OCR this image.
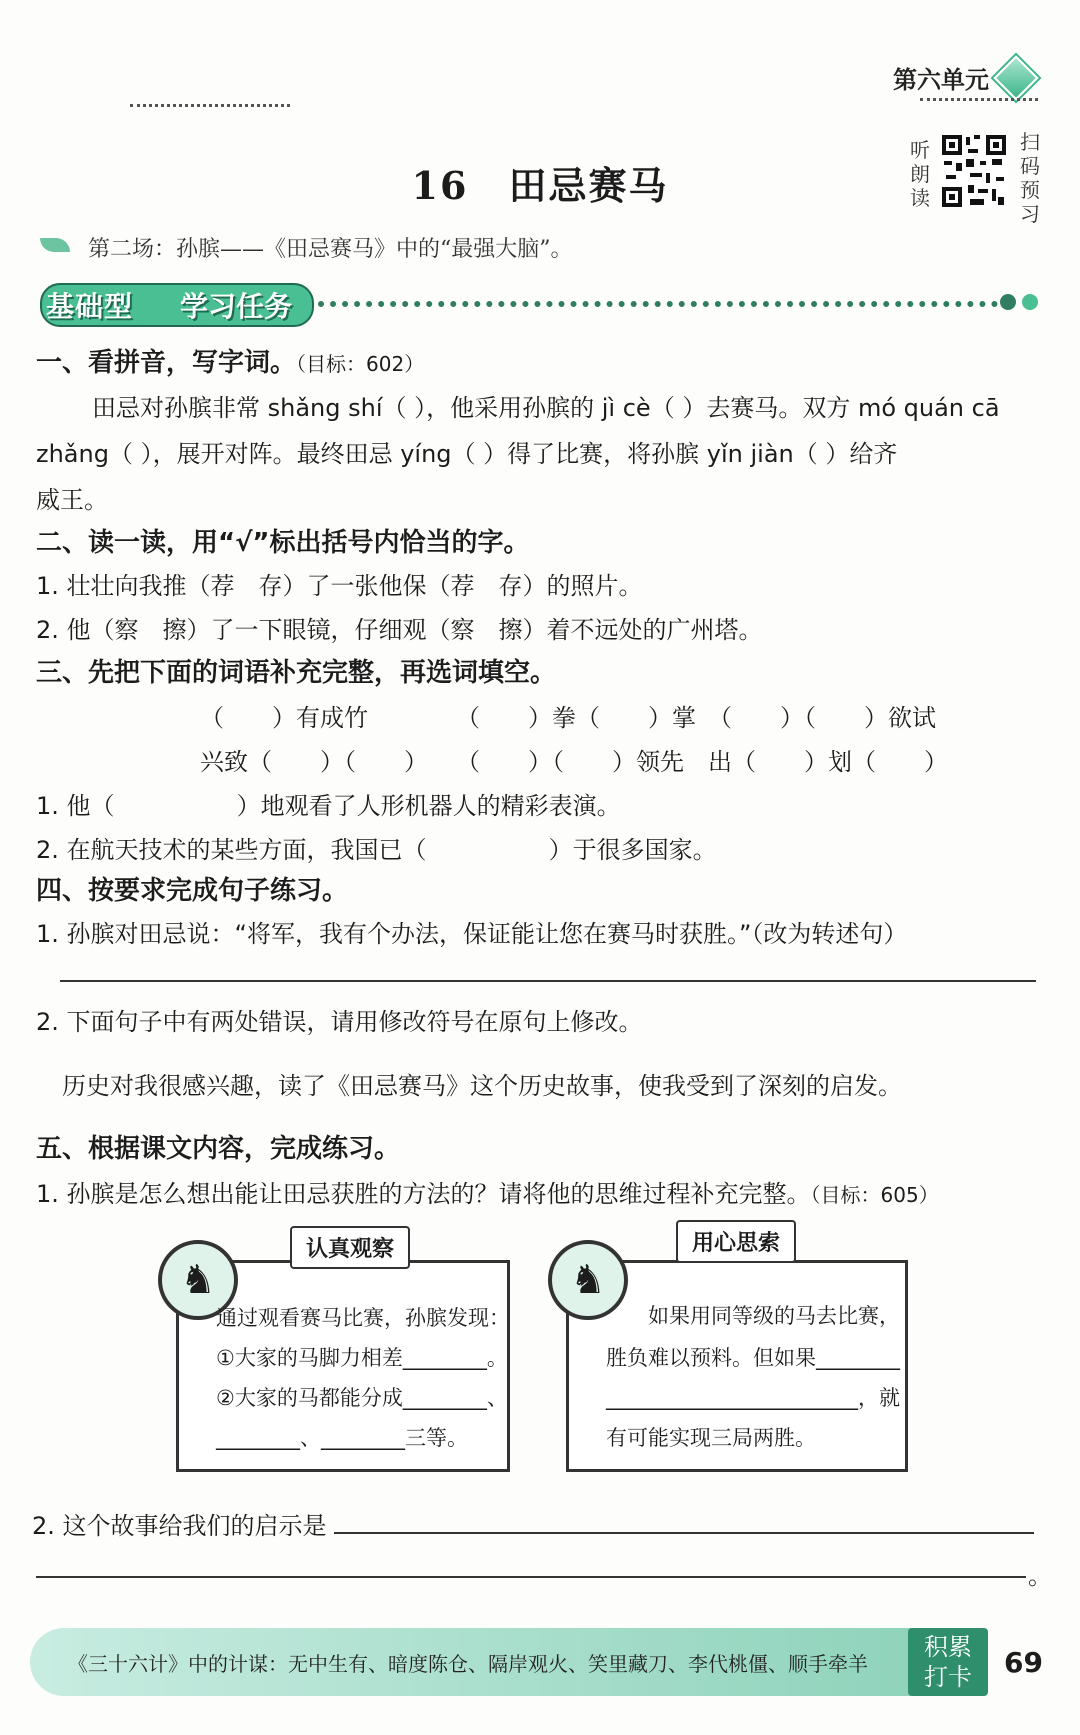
第六单元
听朗读
扫码预习
16　 田忌赛马
第二场：孙膑——《田忌赛马》中的“最强大脑”。
基础型 学习任务
一、看拼音，写字词。（目标：602）
田忌对孙膑非常 shǎng shí（ ），他采用孙膑的 jì cè（ ）去赛马。双方 mó quán cā
zhǎng（ ），展开对阵。最终田忌 yíng（ ）得了比赛，将孙膑 yǐn jiàn（ ）给齐
威王。
二、读一读，用“√”标出括号内恰当的字。
1. 壮壮向我推（荐　存）了一张他保（荐　存）的照片。
2. 他（察　擦）了一下眼镜，仔细观（察　擦）着不远处的广州塔。
三、先把下面的词语补充完整，再选词填空。
（　　）有成竹	（　　）拳（　　）掌 （　　）（　　）欲试
兴致（　　）（　　） （　　）（　　）领先 出（　　）划（　　）
1. 他（                ）地观看了人形机器人的精彩表演。
2. 在航天技术的某些方面，我国已（                ）于很多国家。
四、按要求完成句子练习。
1. 孙膑对田忌说：“将军，我有个办法，保证能让您在赛马时获胜。”（改为转述句）
2. 下面句子中有两处错误，请用修改符号在原句上修改。
历史对我很感兴趣，读了《田忌赛马》这个历史故事，使我受到了深刻的启发。
五、根据课文内容，完成练习。
1. 孙膑是怎么想出能让田忌获胜的方法的？请将他的思维过程补充完整。（目标：605）
认真观察
♞
通过观看赛马比赛，孙膑发现：
①大家的马脚力相差________。
②大家的马都能分成________、
________、________三等。
用心思索
♞
如果用同等级的马去比赛，
胜负难以预料。但如果________
________________________，就
有可能实现三局两胜。
2. 这个故事给我们的启示是
。
《三十六计》中的计谋：无中生有、暗度陈仓、隔岸观火、笑里藏刀、李代桃僵、顺手牵羊
积累
打卡	69
